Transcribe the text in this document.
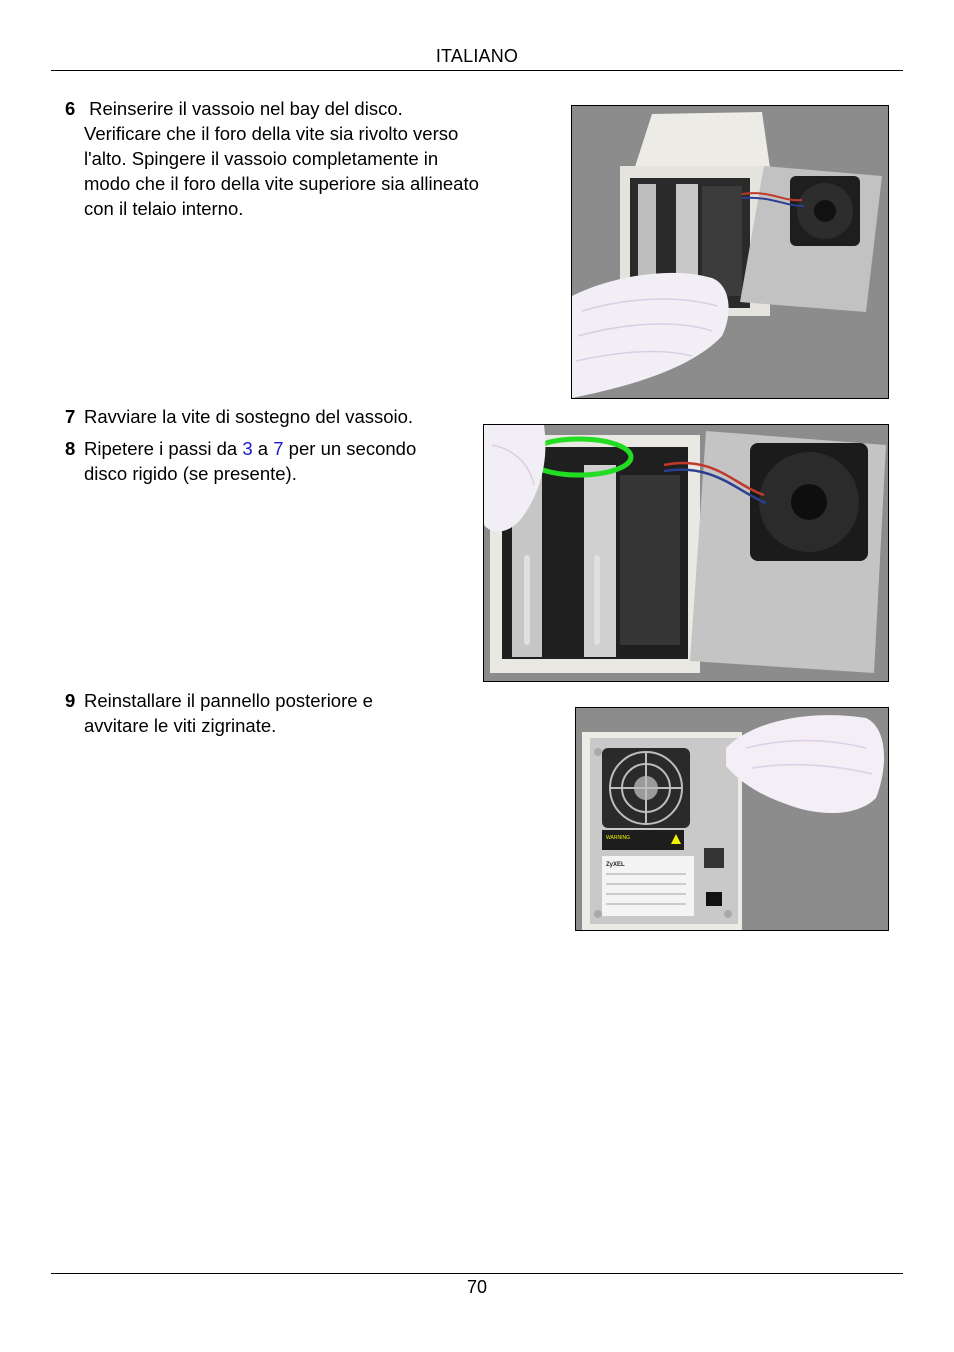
ITALIANO
6 Reinserire il vassoio nel bay del disco.
Verificare che il foro della vite sia rivolto verso
l'alto. Spingere il vassoio completamente in
modo che il foro della vite superiore sia allineato
con il telaio interno.
7 Ravviare la vite di sostegno del vassoio.
8 Ripetere i passi da 3 a 7 per un secondo
disco rigido (se presente).
9 Reinstallare il pannello posteriore e
avvitare le viti zigrinate.
WARNING
ZyXEL
70
